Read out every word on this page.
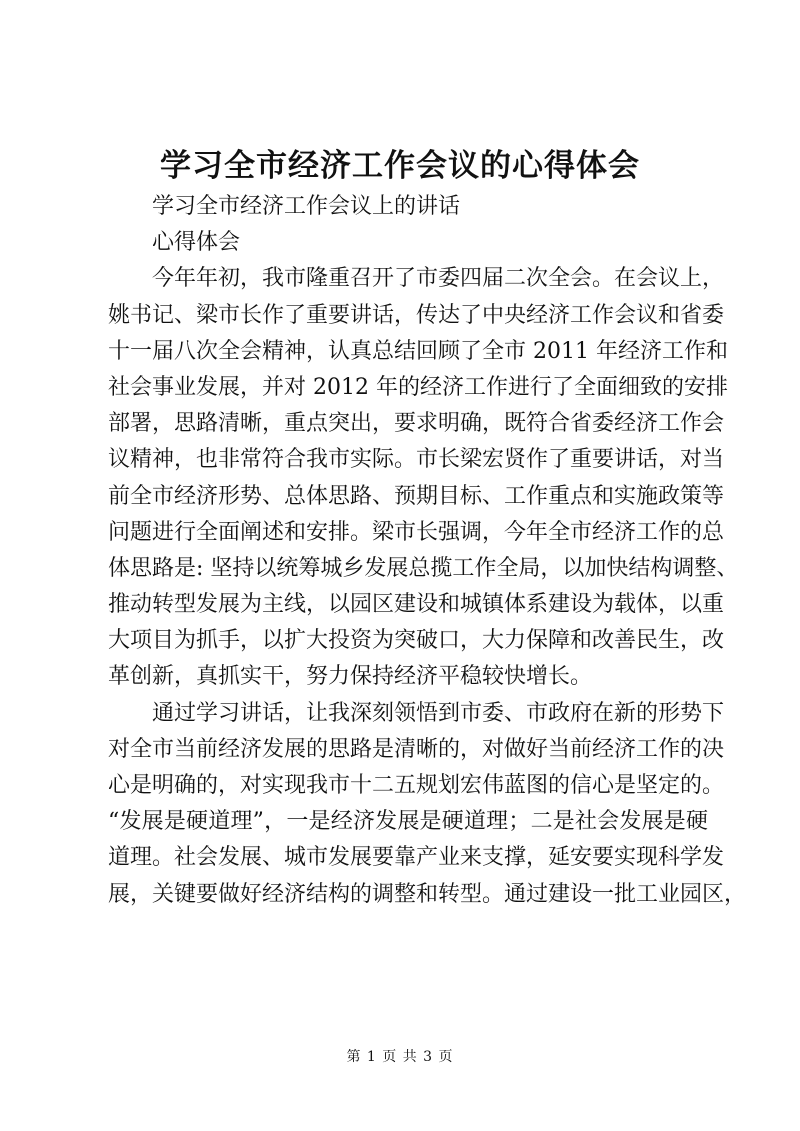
学习全市经济工作会议的心得体会
学习全市经济工作会议上的讲话
心得体会
今年年初，我市隆重召开了市委四届二次全会。在会议上，
姚书记、梁市长作了重要讲话，传达了中央经济工作会议和省委
十一届八次全会精神，认真总结回顾了全市 2011 年经济工作和
社会事业发展，并对 2012 年的经济工作进行了全面细致的安排
部署，思路清晰，重点突出，要求明确，既符合省委经济工作会
议精神，也非常符合我市实际。市长梁宏贤作了重要讲话，对当
前全市经济形势、总体思路、预期目标、工作重点和实施政策等
问题进行全面阐述和安排。梁市长强调，今年全市经济工作的总
体思路是: 坚持以统筹城乡发展总揽工作全局，以加快结构调整、
推动转型发展为主线，以园区建设和城镇体系建设为载体，以重
大项目为抓手，以扩大投资为突破口，大力保障和改善民生，改
革创新，真抓实干，努力保持经济平稳较快增长。
通过学习讲话，让我深刻领悟到市委、市政府在新的形势下
对全市当前经济发展的思路是清晰的，对做好当前经济工作的决
心是明确的，对实现我市十二五规划宏伟蓝图的信心是坚定的。
“发展是硬道理”，一是经济发展是硬道理；二是社会发展是硬
道理。社会发展、城市发展要靠产业来支撑，延安要实现科学发
展，关键要做好经济结构的调整和转型。通过建设一批工业园区，
第 1 页 共 3 页
